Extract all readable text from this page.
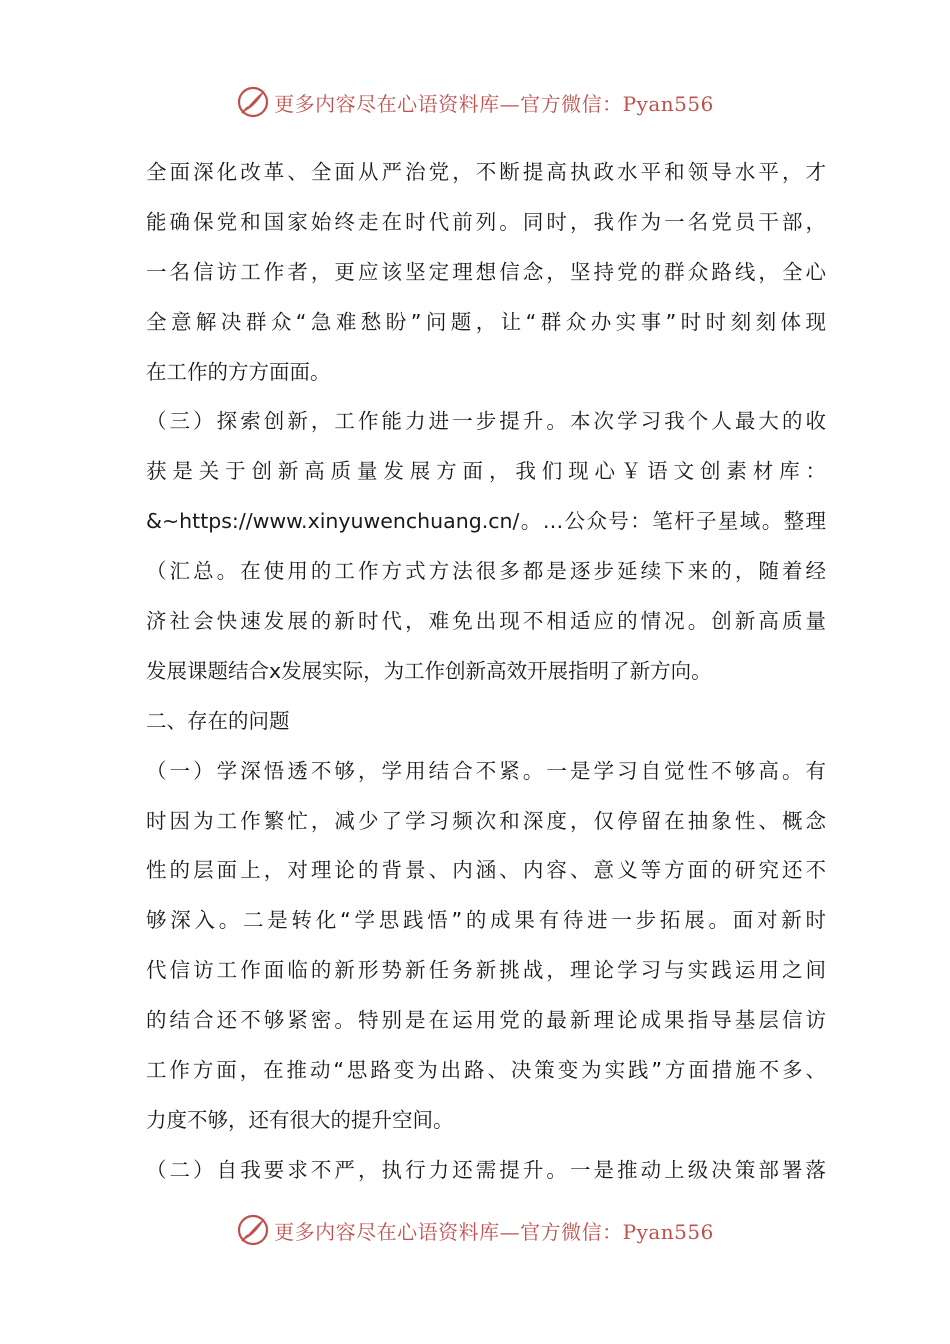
更多内容尽在心语资料库—官方微信：Pyan556
全面深化改革、全面从严治党，不断提高执政水平和领导水平，才
能确保党和国家始终走在时代前列。同时，我作为一名党员干部，
一名信访工作者，更应该坚定理想信念，坚持党的群众路线，全心
全意解决群众“急难愁盼”问题，让“群众办实事”时时刻刻体现
在工作的方方面面。
（三）探索创新，工作能力进一步提升。本次学习我个人最大的收
获是关于创新高质量发展方面，我们现心￥语文创素材库：
&~https://www.xinyuwenchuang.cn/。…公众号：笔杆子星域。整理
（汇总。在使用的工作方式方法很多都是逐步延续下来的，随着经
济社会快速发展的新时代，难免出现不相适应的情况。创新高质量
发展课题结合x发展实际，为工作创新高效开展指明了新方向。
二、存在的问题
（一）学深悟透不够，学用结合不紧。一是学习自觉性不够高。有
时因为工作繁忙，减少了学习频次和深度，仅停留在抽象性、概念
性的层面上，对理论的背景、内涵、内容、意义等方面的研究还不
够深入。二是转化“学思践悟”的成果有待进一步拓展。面对新时
代信访工作面临的新形势新任务新挑战，理论学习与实践运用之间
的结合还不够紧密。特别是在运用党的最新理论成果指导基层信访
工作方面，在推动“思路变为出路、决策变为实践”方面措施不多、
力度不够，还有很大的提升空间。
（二）自我要求不严，执行力还需提升。一是推动上级决策部署落
更多内容尽在心语资料库—官方微信：Pyan556
